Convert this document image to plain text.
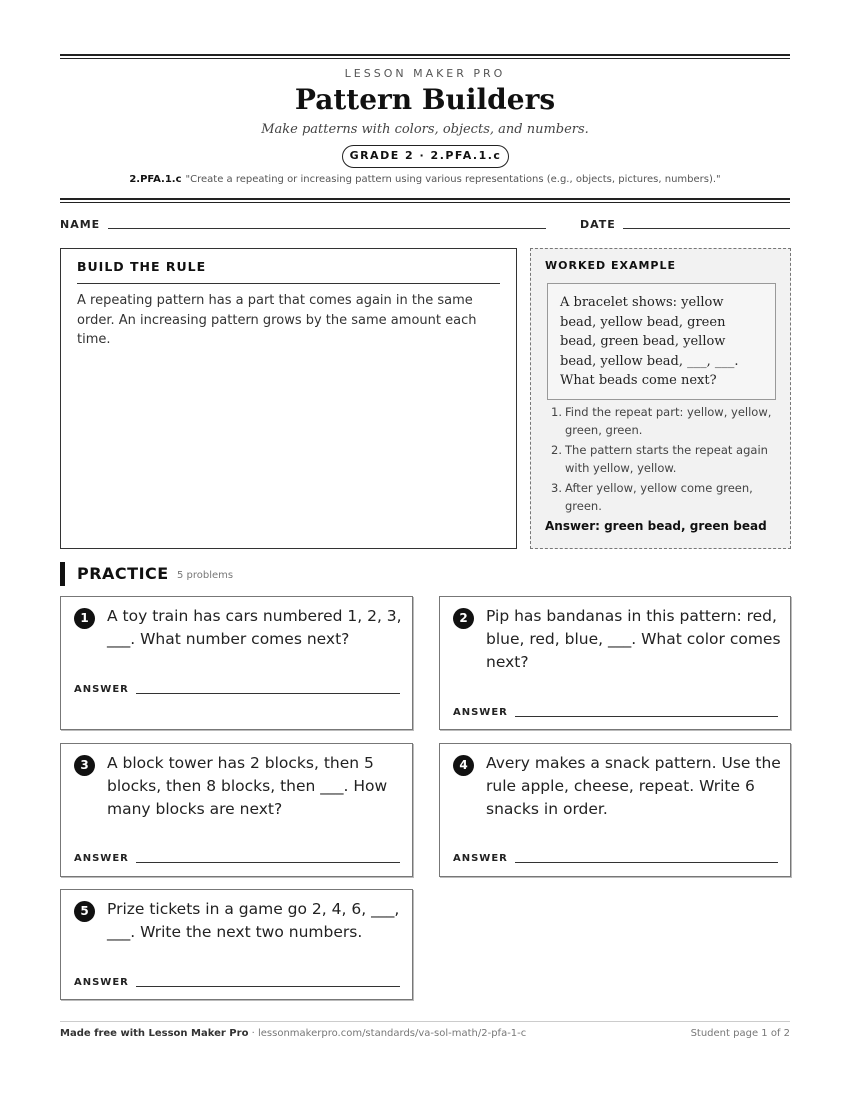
LESSON MAKER PRO
Pattern Builders
Make patterns with colors, objects, and numbers.
GRADE 2 · 2.PFA.1.c
2.PFA.1.c "Create a repeating or increasing pattern using various representations (e.g., objects, pictures, numbers)."
NAME	DATE
BUILD THE RULE
A repeating pattern has a part that comes again in the same order. An increasing pattern grows by the same amount each time.
WORKED EXAMPLE
A bracelet shows: yellow bead, yellow bead, green bead, green bead, yellow bead, yellow bead, ___, ___. What beads come next?
1. Find the repeat part: yellow, yellow, green, green.
2. The pattern starts the repeat again with yellow, yellow.
3. After yellow, yellow come green, green.
Answer: green bead, green bead
PRACTICE 5 problems
1	A toy train has cars numbered 1, 2, 3, ___. What number comes next?
ANSWER
2	Pip has bandanas in this pattern: red, blue, red, blue, ___. What color comes next?
ANSWER
3	A block tower has 2 blocks, then 5 blocks, then 8 blocks, then ___. How many blocks are next?
ANSWER
4	Avery makes a snack pattern. Use the rule apple, cheese, repeat. Write 6 snacks in order.
ANSWER
5	Prize tickets in a game go 2, 4, 6, ___, ___. Write the next two numbers.
ANSWER
Made free with Lesson Maker Pro · lessonmakerpro.com/standards/va-sol-math/2-pfa-1-c	Student page 1 of 2
